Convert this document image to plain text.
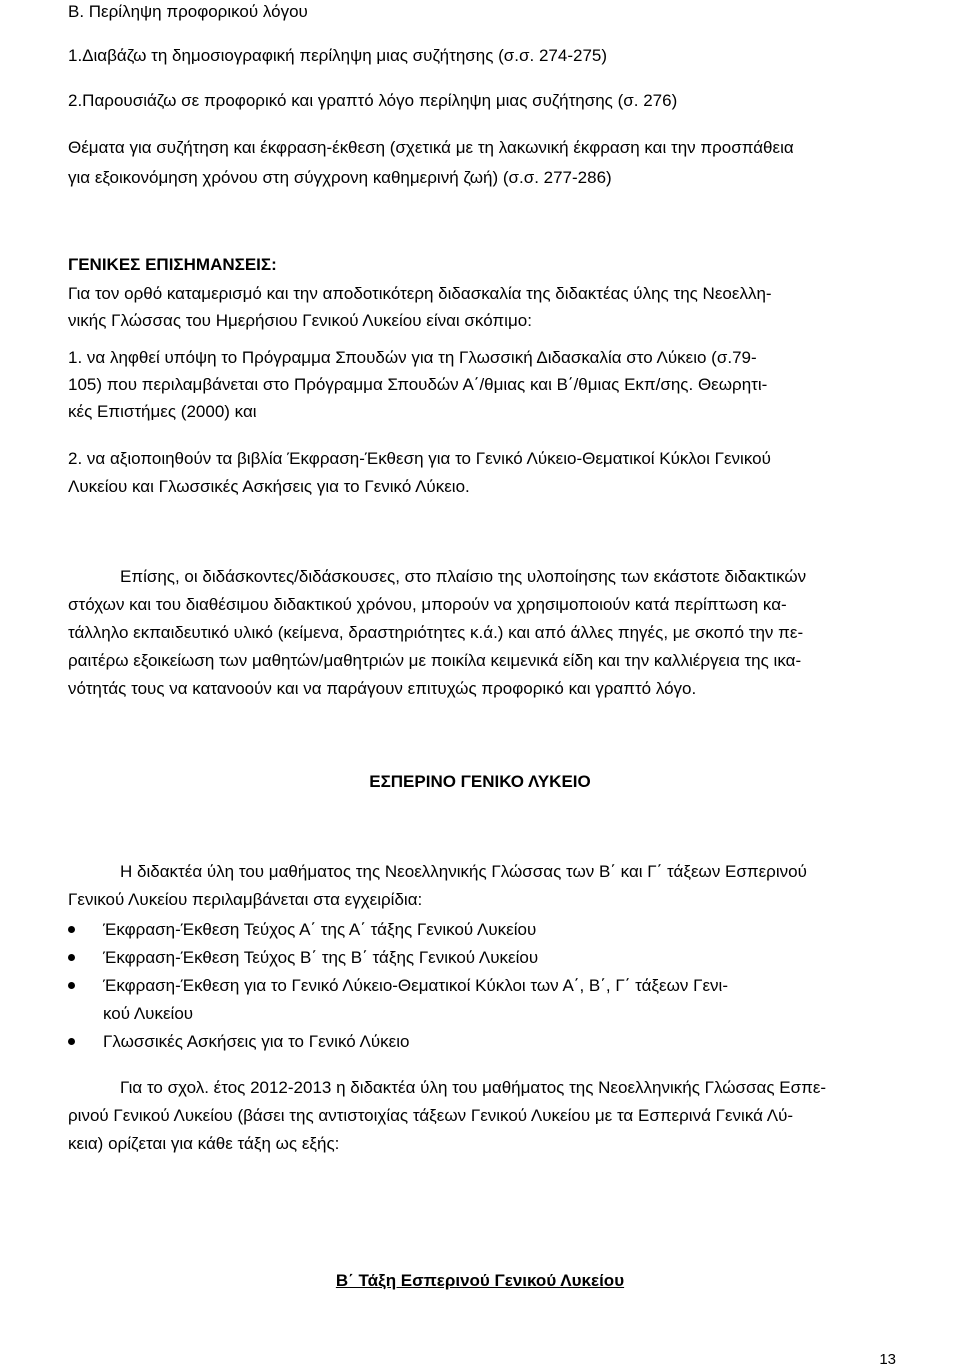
Β. Περίληψη προφορικού λόγου
1.Διαβάζω τη δημοσιογραφική περίληψη μιας συζήτησης (σ.σ. 274-275)
2.Παρουσιάζω σε προφορικό και γραπτό λόγο περίληψη μιας συζήτησης (σ. 276)
Θέματα για συζήτηση και έκφραση-έκθεση (σχετικά με τη λακωνική έκφραση και την προσπάθεια
για εξοικονόμηση χρόνου στη σύγχρονη καθημερινή ζωή) (σ.σ. 277-286)
ΓΕΝΙΚΕΣ ΕΠΙΣΗΜΑΝΣΕΙΣ:
Για τον ορθό καταμερισμό και την αποδοτικότερη διδασκαλία της διδακτέας ύλης της Νεοελλη-
νικής Γλώσσας του Ημερήσιου Γενικού Λυκείου είναι σκόπιμο:
1. να ληφθεί υπόψη το Πρόγραμμα Σπουδών για τη Γλωσσική Διδασκαλία στο Λύκειο (σ.79-
105) που περιλαμβάνεται στο Πρόγραμμα Σπουδών Α΄/θμιας και Β΄/θμιας Εκπ/σης. Θεωρητι-
κές Επιστήμες (2000) και
2. να αξιοποιηθούν τα βιβλία Έκφραση-Έκθεση για το Γενικό Λύκειο-Θεματικοί Κύκλοι Γενικού
Λυκείου και Γλωσσικές Ασκήσεις για το Γενικό Λύκειο.
Επίσης, οι διδάσκοντες/διδάσκουσες, στο πλαίσιο της υλοποίησης των εκάστοτε διδακτικών
στόχων και του διαθέσιμου διδακτικού χρόνου, μπορούν να χρησιμοποιούν κατά περίπτωση κα-
τάλληλο εκπαιδευτικό υλικό (κείμενα, δραστηριότητες κ.ά.) και από άλλες πηγές, με σκοπό την πε-
ραιτέρω εξοικείωση των μαθητών/μαθητριών με ποικίλα κειμενικά είδη και την καλλιέργεια της ικα-
νότητάς τους να κατανοούν και να παράγουν επιτυχώς προφορικό και γραπτό λόγο.
ΕΣΠΕΡΙΝΟ ΓΕΝΙΚΟ ΛΥΚΕΙΟ
Η διδακτέα ύλη του μαθήματος της Νεοελληνικής Γλώσσας των Β΄ και Γ΄ τάξεων Εσπερινού
Γενικού Λυκείου περιλαμβάνεται στα εγχειρίδια:
Έκφραση-Έκθεση Τεύχος Α΄ της Α΄ τάξης Γενικού Λυκείου
Έκφραση-Έκθεση Τεύχος Β΄ της Β΄ τάξης Γενικού Λυκείου
Έκφραση-Έκθεση για το Γενικό Λύκειο-Θεματικοί Κύκλοι των Α΄, Β΄, Γ΄ τάξεων Γενι-
κού Λυκείου
Γλωσσικές Ασκήσεις για το Γενικό Λύκειο
Για το σχολ. έτος 2012-2013 η διδακτέα ύλη του μαθήματος της Νεοελληνικής Γλώσσας Εσπε-
ρινού Γενικού Λυκείου (βάσει της αντιστοιχίας τάξεων Γενικού Λυκείου με τα Εσπερινά Γενικά Λύ-
κεια) ορίζεται για κάθε τάξη ως εξής:
Β΄ Τάξη Εσπερινού Γενικού Λυκείου
13
